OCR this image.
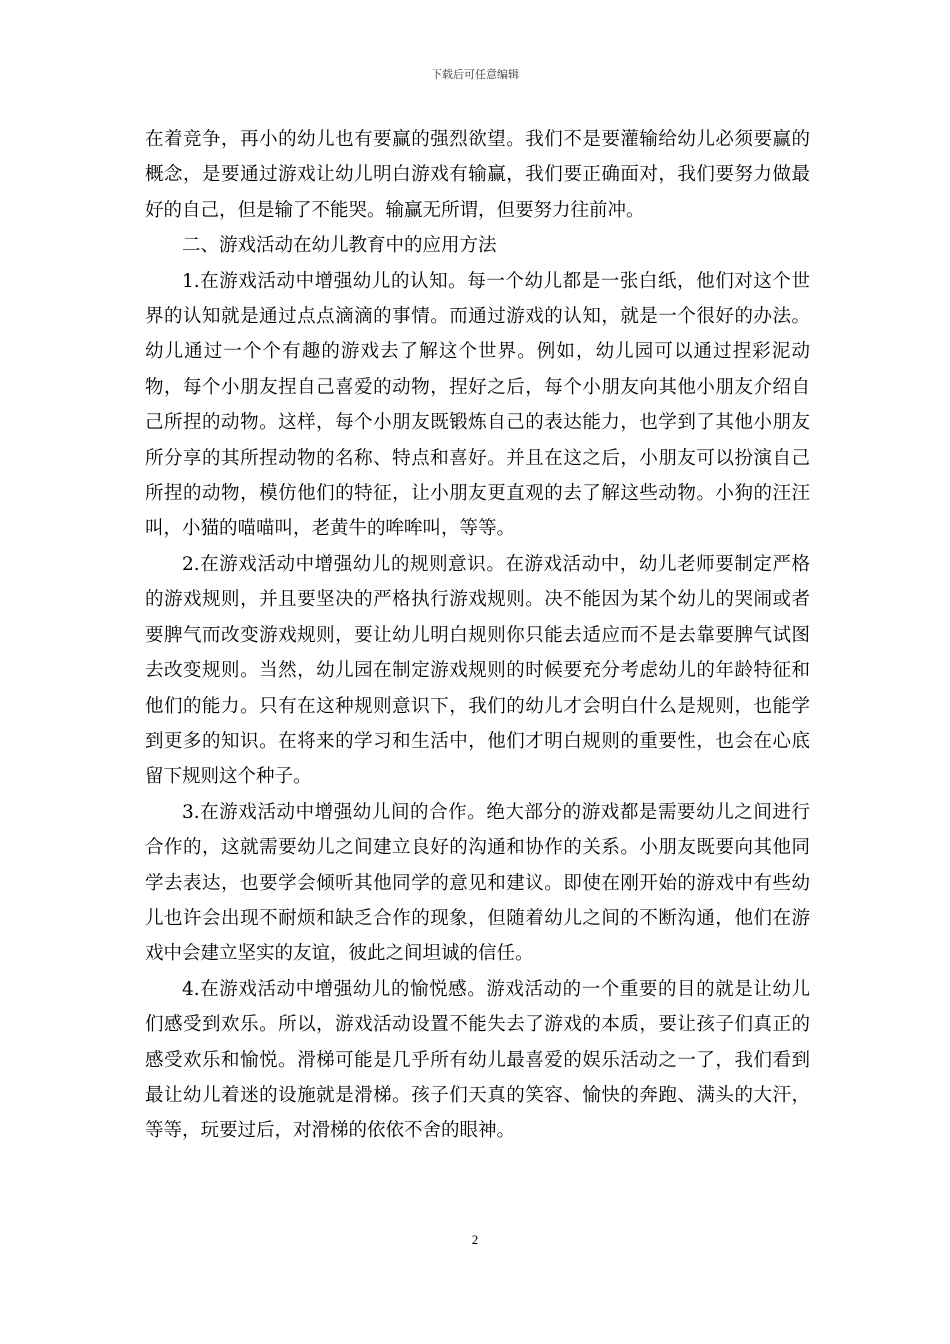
下载后可任意编辑

在着竞争，再小的幼儿也有要赢的强烈欲望。我们不是要灌输给幼儿必须要赢的概念，是要通过游戏让幼儿明白游戏有输赢，我们要正确面对，我们要努力做最好的自己，但是输了不能哭。输赢无所谓，但要努力往前冲。

二、游戏活动在幼儿教育中的应用方法

1.在游戏活动中增强幼儿的认知。每一个幼儿都是一张白纸，他们对这个世界的认知就是通过点点滴滴的事情。而通过游戏的认知，就是一个很好的办法。幼儿通过一个个有趣的游戏去了解这个世界。例如，幼儿园可以通过捏彩泥动物，每个小朋友捏自己喜爱的动物，捏好之后，每个小朋友向其他小朋友介绍自己所捏的动物。这样，每个小朋友既锻炼自己的表达能力，也学到了其他小朋友所分享的其所捏动物的名称、特点和喜好。并且在这之后，小朋友可以扮演自己所捏的动物，模仿他们的特征，让小朋友更直观的去了解这些动物。小狗的汪汪叫，小猫的喵喵叫，老黄牛的哞哞叫，等等。

2.在游戏活动中增强幼儿的规则意识。在游戏活动中，幼儿老师要制定严格的游戏规则，并且要坚决的严格执行游戏规则。决不能因为某个幼儿的哭闹或者要脾气而改变游戏规则，要让幼儿明白规则你只能去适应而不是去靠要脾气试图去改变规则。当然，幼儿园在制定游戏规则的时候要充分考虑幼儿的年龄特征和他们的能力。只有在这种规则意识下，我们的幼儿才会明白什么是规则，也能学到更多的知识。在将来的学习和生活中，他们才明白规则的重要性，也会在心底留下规则这个种子。

3.在游戏活动中增强幼儿间的合作。绝大部分的游戏都是需要幼儿之间进行合作的，这就需要幼儿之间建立良好的沟通和协作的关系。小朋友既要向其他同学去表达，也要学会倾听其他同学的意见和建议。即使在刚开始的游戏中有些幼儿也许会出现不耐烦和缺乏合作的现象，但随着幼儿之间的不断沟通，他们在游戏中会建立坚实的友谊，彼此之间坦诚的信任。

4.在游戏活动中增强幼儿的愉悦感。游戏活动的一个重要的目的就是让幼儿们感受到欢乐。所以，游戏活动设置不能失去了游戏的本质，要让孩子们真正的感受欢乐和愉悦。滑梯可能是几乎所有幼儿最喜爱的娱乐活动之一了，我们看到最让幼儿着迷的设施就是滑梯。孩子们天真的笑容、愉快的奔跑、满头的大汗，等等，玩要过后，对滑梯的依依不舍的眼神。

2
